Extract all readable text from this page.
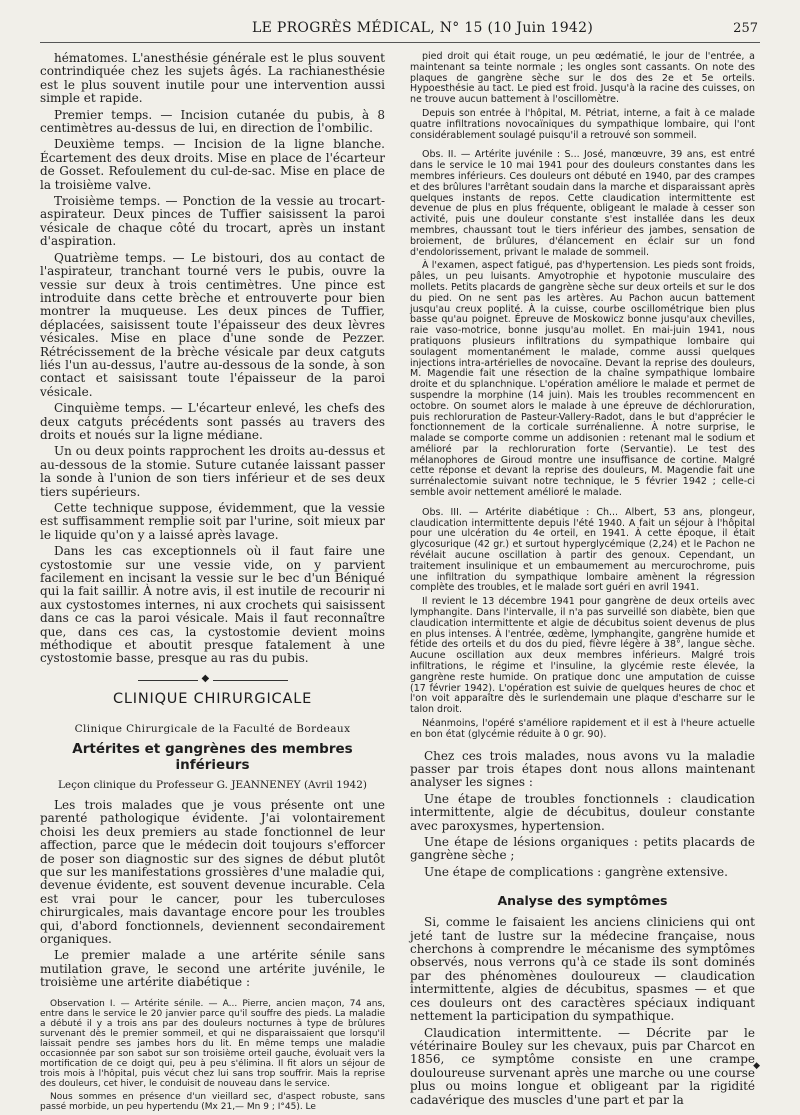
LE PROGRÈS MÉDICAL, N° 15 (10 Juin 1942)	257

hématomes. L'anesthésie générale est le plus souvent contrindiquée chez les sujets âgés. La rachianesthésie est le plus souvent inutile pour une intervention aussi simple et rapide.

Premier temps. — Incision cutanée du pubis, à 8 centimètres au-dessus de lui, en direction de l'ombilic.

Deuxième temps. — Incision de la ligne blanche. Écartement des deux droits. Mise en place de l'écarteur de Gosset. Refoulement du cul-de-sac. Mise en place de la troisième valve.

Troisième temps. — Ponction de la vessie au trocart-aspirateur. Deux pinces de Tuffier saisissent la paroi vésicale de chaque côté du trocart, après un instant d'aspiration.

Quatrième temps. — Le bistouri, dos au contact de l'aspirateur, tranchant tourné vers le pubis, ouvre la vessie sur deux à trois centimètres. Une pince est introduite dans cette brèche et entrouverte pour bien montrer la muqueuse. Les deux pinces de Tuffier, déplacées, saisissent toute l'épaisseur des deux lèvres vésicales. Mise en place d'une sonde de Pezzer. Rétrécissement de la brèche vésicale par deux catguts liés l'un au-dessus, l'autre au-dessous de la sonde, à son contact et saisissant toute l'épaisseur de la paroi vésicale.

Cinquième temps. — L'écarteur enlevé, les chefs des deux catguts précédents sont passés au travers des droits et noués sur la ligne médiane.

Un ou deux points rapprochent les droits au-dessus et au-dessous de la stomie. Suture cutanée laissant passer la sonde à l'union de son tiers inférieur et de ses deux tiers supérieurs.

Cette technique suppose, évidemment, que la vessie est suffisamment remplie soit par l'urine, soit mieux par le liquide qu'on y a laissé après lavage.

Dans les cas exceptionnels où il faut faire une cystostomie sur une vessie vide, on y parvient facilement en incisant la vessie sur le bec d'un Béniqué qui la fait saillir. À notre avis, il est inutile de recourir ni aux cystostomes internes, ni aux crochets qui saisissent dans ce cas la paroi vésicale. Mais il faut reconnaître que, dans ces cas, la cystostomie devient moins méthodique et aboutit presque fatalement à une cystostomie basse, presque au ras du pubis.

◆
CLINIQUE CHIRURGICALE
Clinique Chirurgicale de la Faculté de Bordeaux
Artérites et gangrènes des membres inférieurs
Leçon clinique du Professeur G. JEANNENEY (Avril 1942)

Les trois malades que je vous présente ont une parenté pathologique évidente. J'ai volontairement choisi les deux premiers au stade fonctionnel de leur affection, parce que le médecin doit toujours s'efforcer de poser son diagnostic sur des signes de début plutôt que sur les manifestations grossières d'une maladie qui, devenue évidente, est souvent devenue incurable. Cela est vrai pour le cancer, pour les tuberculoses chirurgicales, mais davantage encore pour les troubles qui, d'abord fonctionnels, deviennent secondairement organiques.

Le premier malade a une artérite sénile sans mutilation grave, le second une artérite juvénile, le troisième une artérite diabétique :

Observation I. — Artérite sénile. — A... Pierre, ancien maçon, 74 ans, entre dans le service le 20 janvier parce qu'il souffre des pieds. La maladie a débuté il y a trois ans par des douleurs nocturnes à type de brûlures survenant dès le premier sommeil, et qui ne disparaissaient que lorsqu'il laissait pendre ses jambes hors du lit. En même temps une maladie occasionnée par son sabot sur son troisième orteil gauche, évoluait vers la mortification de ce doigt qui, peu à peu s'élimina. Il fit alors un séjour de trois mois à l'hôpital, puis vécut chez lui sans trop souffrir. Mais la reprise des douleurs, cet hiver, le conduisit de nouveau dans le service.

Nous sommes en présence d'un vieillard sec, d'aspect robuste, sans passé morbide, un peu hypertendu (Mx 21,— Mn 9 ; I°45). Le

pied droit qui était rouge, un peu œdématié, le jour de l'entrée, a maintenant sa teinte normale ; les ongles sont cassants. On note des plaques de gangrène sèche sur le dos des 2e et 5e orteils. Hypoesthésie au tact. Le pied est froid. Jusqu'à la racine des cuisses, on ne trouve aucun battement à l'oscillomètre.

Depuis son entrée à l'hôpital, M. Pétriat, interne, a fait à ce malade quatre infiltrations novocaïniques du sympathique lombaire, qui l'ont considérablement soulagé puisqu'il a retrouvé son sommeil.

Obs. II. — Artérite juvénile : S... José, manœuvre, 39 ans, est entré dans le service le 10 mai 1941 pour des douleurs constantes dans les membres inférieurs. Ces douleurs ont débuté en 1940, par des crampes et des brûlures l'arrêtant soudain dans la marche et disparaissant après quelques instants de repos. Cette claudication intermittente est devenue de plus en plus fréquente, obligeant le malade à cesser son activité, puis une douleur constante s'est installée dans les deux membres, chaussant tout le tiers inférieur des jambes, sensation de broiement, de brûlures, d'élancement en éclair sur un fond d'endolorissement, privant le malade de sommeil.

À l'examen, aspect fatigué, pas d'hypertension. Les pieds sont froids, pâles, un peu luisants. Amyotrophie et hypotonie musculaire des mollets. Petits placards de gangrène sèche sur deux orteils et sur le dos du pied. On ne sent pas les artères. Au Pachon aucun battement jusqu'au creux poplité. À la cuisse, courbe oscillométrique bien plus basse qu'au poignet. Épreuve de Moskowicz bonne jusqu'aux chevilles, raie vaso-motrice, bonne jusqu'au mollet. En mai-juin 1941, nous pratiquons plusieurs infiltrations du sympathique lombaire qui soulagent momentanément le malade, comme aussi quelques injections intra-artérielles de novocaïne. Devant la reprise des douleurs, M. Magendie fait une résection de la chaîne sympathique lombaire droite et du splanchnique. L'opération améliore le malade et permet de suspendre la morphine (14 juin). Mais les troubles recommencent en octobre. On soumet alors le malade à une épreuve de déchloruration, puis rechloruration de Pasteur-Vallery-Radot, dans le but d'apprécier le fonctionnement de la corticale surrénalienne. À notre surprise, le malade se comporte comme un addisonien : retenant mal le sodium et amélioré par la rechloruration forte (Servantie). Le test des mélanophores de Giroud montre une insuffisance de cortine. Malgré cette réponse et devant la reprise des douleurs, M. Magendie fait une surrénalectomie suivant notre technique, le 5 février 1942 ; celle-ci semble avoir nettement amélioré le malade.

Obs. III. — Artérite diabétique : Ch... Albert, 53 ans, plongeur, claudication intermittente depuis l'été 1940. A fait un séjour à l'hôpital pour une ulcération du 4e orteil, en 1941. À cette époque, il était glycosurique (42 gr.) et surtout hyperglycémique (2,24) et le Pachon ne révélait aucune oscillation à partir des genoux. Cependant, un traitement insulinique et un embaumement au mercurochrome, puis une infiltration du sympathique lombaire amènent la régression complète des troubles, et le malade sort guéri en avril 1941.

Il revient le 13 décembre 1941 pour gangrène de deux orteils avec lymphangite. Dans l'intervalle, il n'a pas surveillé son diabète, bien que claudication intermittente et algie de décubitus soient devenus de plus en plus intenses. À l'entrée, œdème, lymphangite, gangrène humide et fétide des orteils et du dos du pied, fièvre légère à 38°, langue sèche. Aucune oscillation aux deux membres inférieurs. Malgré trois infiltrations, le régime et l'insuline, la glycémie reste élevée, la gangrène reste humide. On pratique donc une amputation de cuisse (17 février 1942). L'opération est suivie de quelques heures de choc et l'on voit apparaître dès le surlendemain une plaque d'escharre sur le talon droit.

Néanmoins, l'opéré s'améliore rapidement et il est à l'heure actuelle en bon état (glycémie réduite à 0 gr. 90).

Chez ces trois malades, nous avons vu la maladie passer par trois étapes dont nous allons maintenant analyser les signes :

Une étape de troubles fonctionnels : claudication intermittente, algie de décubitus, douleur constante avec paroxysmes, hypertension.

Une étape de lésions organiques : petits placards de gangrène sèche ;

Une étape de complications : gangrène extensive.

Analyse des symptômes

Si, comme le faisaient les anciens cliniciens qui ont jeté tant de lustre sur la médecine française, nous cherchons à comprendre le mécanisme des symptômes observés, nous verrons qu'à ce stade ils sont dominés par des phénomènes douloureux — claudication intermittente, algies de décubitus, spasmes — et que ces douleurs ont des caractères spéciaux indiquant nettement la participation du sympathique.

Claudication intermittente. — Décrite par le vétérinaire Bouley sur les chevaux, puis par Charcot en 1856, ce symptôme consiste en une crampe douloureuse survenant après une marche ou une course plus ou moins longue et obligeant par la rigidité cadavérique des muscles d'une part et par la

◆
